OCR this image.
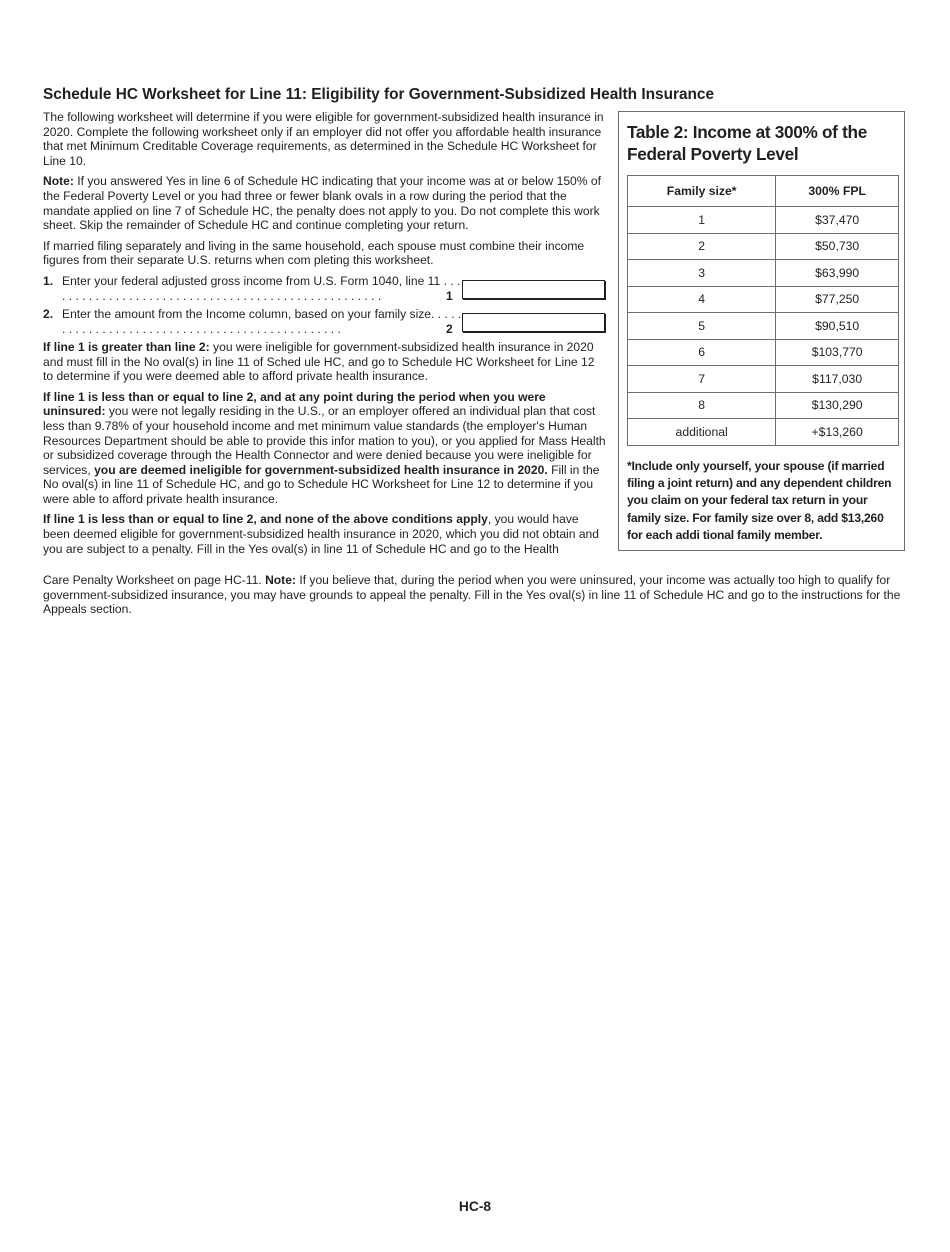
Schedule HC Worksheet for Line 11: Eligibility for Government-Subsidized Health Insurance

The following worksheet will determine if you were eligible for government-subsidized health insurance in 2020. Complete the following worksheet only if an employer did not offer you affordable health insurance that met Minimum Creditable Coverage requirements, as determined in the Schedule HC Worksheet for Line 10.

Note: If you answered Yes in line 6 of Schedule HC indicating that your income was at or below 150% of the Federal Poverty Level or you had three or fewer blank ovals in a row during the period that the mandate applied on line 7 of Schedule HC, the penalty does not apply to you. Do not complete this work sheet. Skip the remainder of Schedule HC and continue completing your return.

If married filing separately and living in the same household, each spouse must combine their income figures from their separate U.S. returns when com pleting this worksheet.

1. Enter your federal adjusted gross income from U.S. Form 1040, line 11 . . . . . . . . . . . . . . . . . . . . . . . . . . . . . . . . . . . . . . . . . . . . . . . . . . .	1
2. Enter the amount from the Income column, based on your family size. . . . . . . . . . . . . . . . . . . . . . . . . . . . . . . . . . . . . . . . . . . . . . .	2

If line 1 is greater than line 2: you were ineligible for government-subsidized health insurance in 2020 and must fill in the No oval(s) in line 11 of Sched ule HC, and go to Schedule HC Worksheet for Line 12 to determine if you were deemed able to afford private health insurance.

If line 1 is less than or equal to line 2, and at any point during the period when you were uninsured: you were not legally residing in the U.S., or an employer offered an individual plan that cost less than 9.78% of your household income and met minimum value standards (the employer's Human Resources Department should be able to provide this infor mation to you), or you applied for Mass Health or subsidized coverage through the Health Connector and were denied because you were ineligible for services, you are deemed ineligible for government-subsidized health insurance in 2020. Fill in the No oval(s) in line 11 of Schedule HC, and go to Schedule HC Worksheet for Line 12 to determine if you were able to afford private health insurance.

If line 1 is less than or equal to line 2, and none of the above conditions apply, you would have been deemed eligible for government-subsidized health insurance in 2020, which you did not obtain and you are subject to a penalty. Fill in the Yes oval(s) in line 11 of Schedule HC and go to the Health

Care Penalty Worksheet on page HC-11. Note: If you believe that, during the period when you were uninsured, your income was actually too high to qualify for government-subsidized insurance, you may have grounds to appeal the penalty. Fill in the Yes oval(s) in line 11 of Schedule HC and go to the instructions for the Appeals section.

Table 2: Income at 300% of the Federal Poverty Level
Family size*	300% FPL
1	$37,470
2	$50,730
3	$63,990
4	$77,250
5	$90,510
6	$103,770
7	$117,030
8	$130,290
additional	+$13,260
*Include only yourself, your spouse (if married filing a joint return) and any dependent children you claim on your federal tax return in your family size. For family size over 8, add $13,260 for each addi tional family member.
HC-8
